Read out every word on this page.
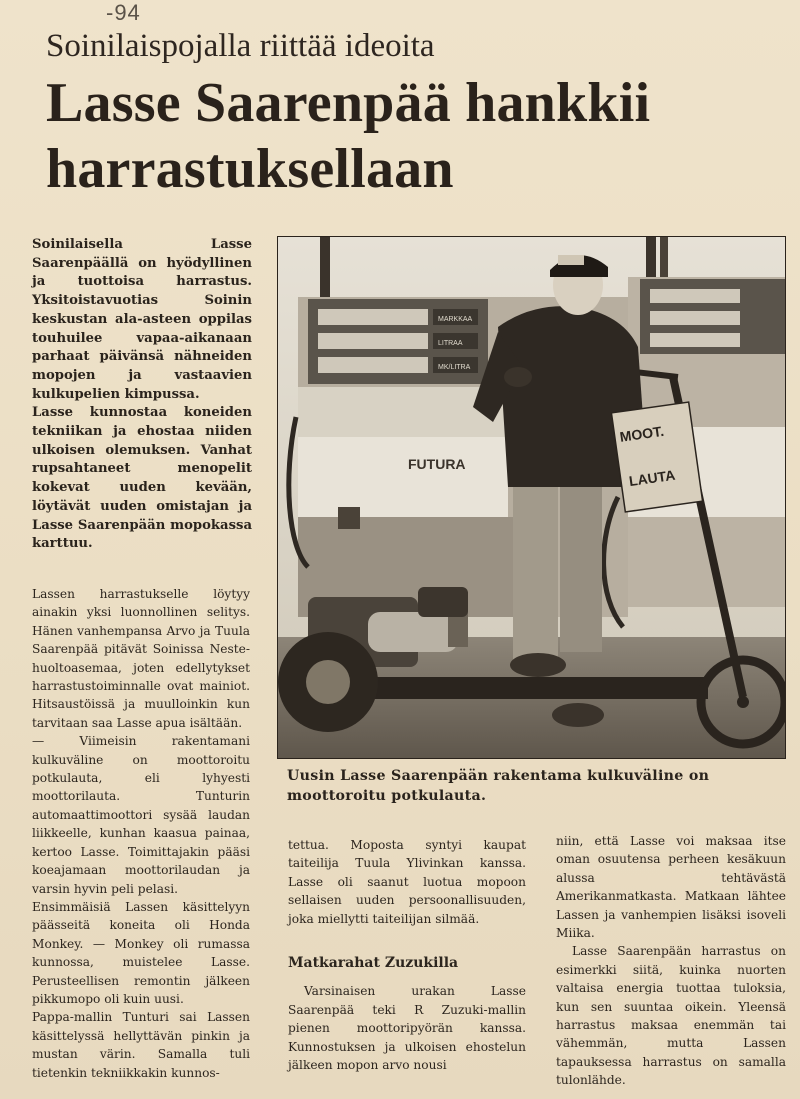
-94
Soinilaispojalla riittää ideoita
Lasse Saarenpää hankkii harrastuksellaan

Soinilaisella Lasse Saarenpäällä on hyödyllinen ja tuottoisa harrastus. Yksitoistavuotias Soinin keskustan ala-asteen oppilas touhuilee vapaa-aikanaan parhaat päivänsä nähneiden mopojen ja vastaavien kulkupelien kimpussa.

Lasse kunnostaa koneiden tekniikan ja ehostaa niiden ulkoisen olemuksen. Vanhat rupsahtaneet menopelit kokevat uuden kevään, löytävät uuden omistajan ja Lasse Saarenpään mopokassa karttuu.

Lassen harrastukselle löytyy ainakin yksi luonnollinen selitys. Hänen vanhempansa Arvo ja Tuula Saarenpää pitävät Soinissa Neste-huoltoasemaa, joten edellytykset harrastustoiminnalle ovat mainiot. Hitsaustöissä ja muulloinkin kun tarvitaan saa Lasse apua isältään.

— Viimeisin rakentamani kulkuväline on moottoroitu potkulauta, eli lyhyesti moottorilauta. Tunturin automaattimoottori sysää laudan liikkeelle, kunhan kaasua painaa, kertoo Lasse. Toimittajakin pääsi koeajamaan moottorilaudan ja varsin hyvin peli pelasi.

Ensimmäisiä Lassen käsittelyyn päässeitä koneita oli Honda Monkey. — Monkey oli rumassa kunnossa, muistelee Lasse. Perusteellisen remontin jälkeen pikkumopo oli kuin uusi.

Pappa-mallin Tunturi sai Lassen käsittelyssä hellyttävän pinkin ja mustan värin. Samalla tuli tietenkin tekniikkakin kunnos-

MARKKAA
LITRAA
MK/LITRA
FUTURA
MOOT.
LAUTA
Uusin Lasse Saarenpään rakentama kulkuväline on moottoroitu potkulauta.

tettua. Moposta syntyi kaupat taiteilija Tuula Ylivinkan kanssa. Lasse oli saanut luotua mopoon sellaisen uuden persoonallisuuden, joka miellytti taiteilijan silmää.

Matkarahat Zuzukilla

Varsinaisen urakan Lasse Saarenpää teki R Zuzuki-mallin pienen moottoripyörän kanssa. Kunnostuksen ja ulkoisen ehostelun jälkeen mopon arvo nousi

niin, että Lasse voi maksaa itse oman osuutensa perheen kesäkuun alussa tehtävästä Amerikanmatkasta. Matkaan lähtee Lassen ja vanhempien lisäksi isoveli Miika.

Lasse Saarenpään harrastus on esimerkki siitä, kuinka nuorten valtaisa energia tuottaa tuloksia, kun sen suuntaa oikein. Yleensä harrastus maksaa enemmän tai vähemmän, mutta Lassen tapauksessa harrastus on samalla tulonlähde.
